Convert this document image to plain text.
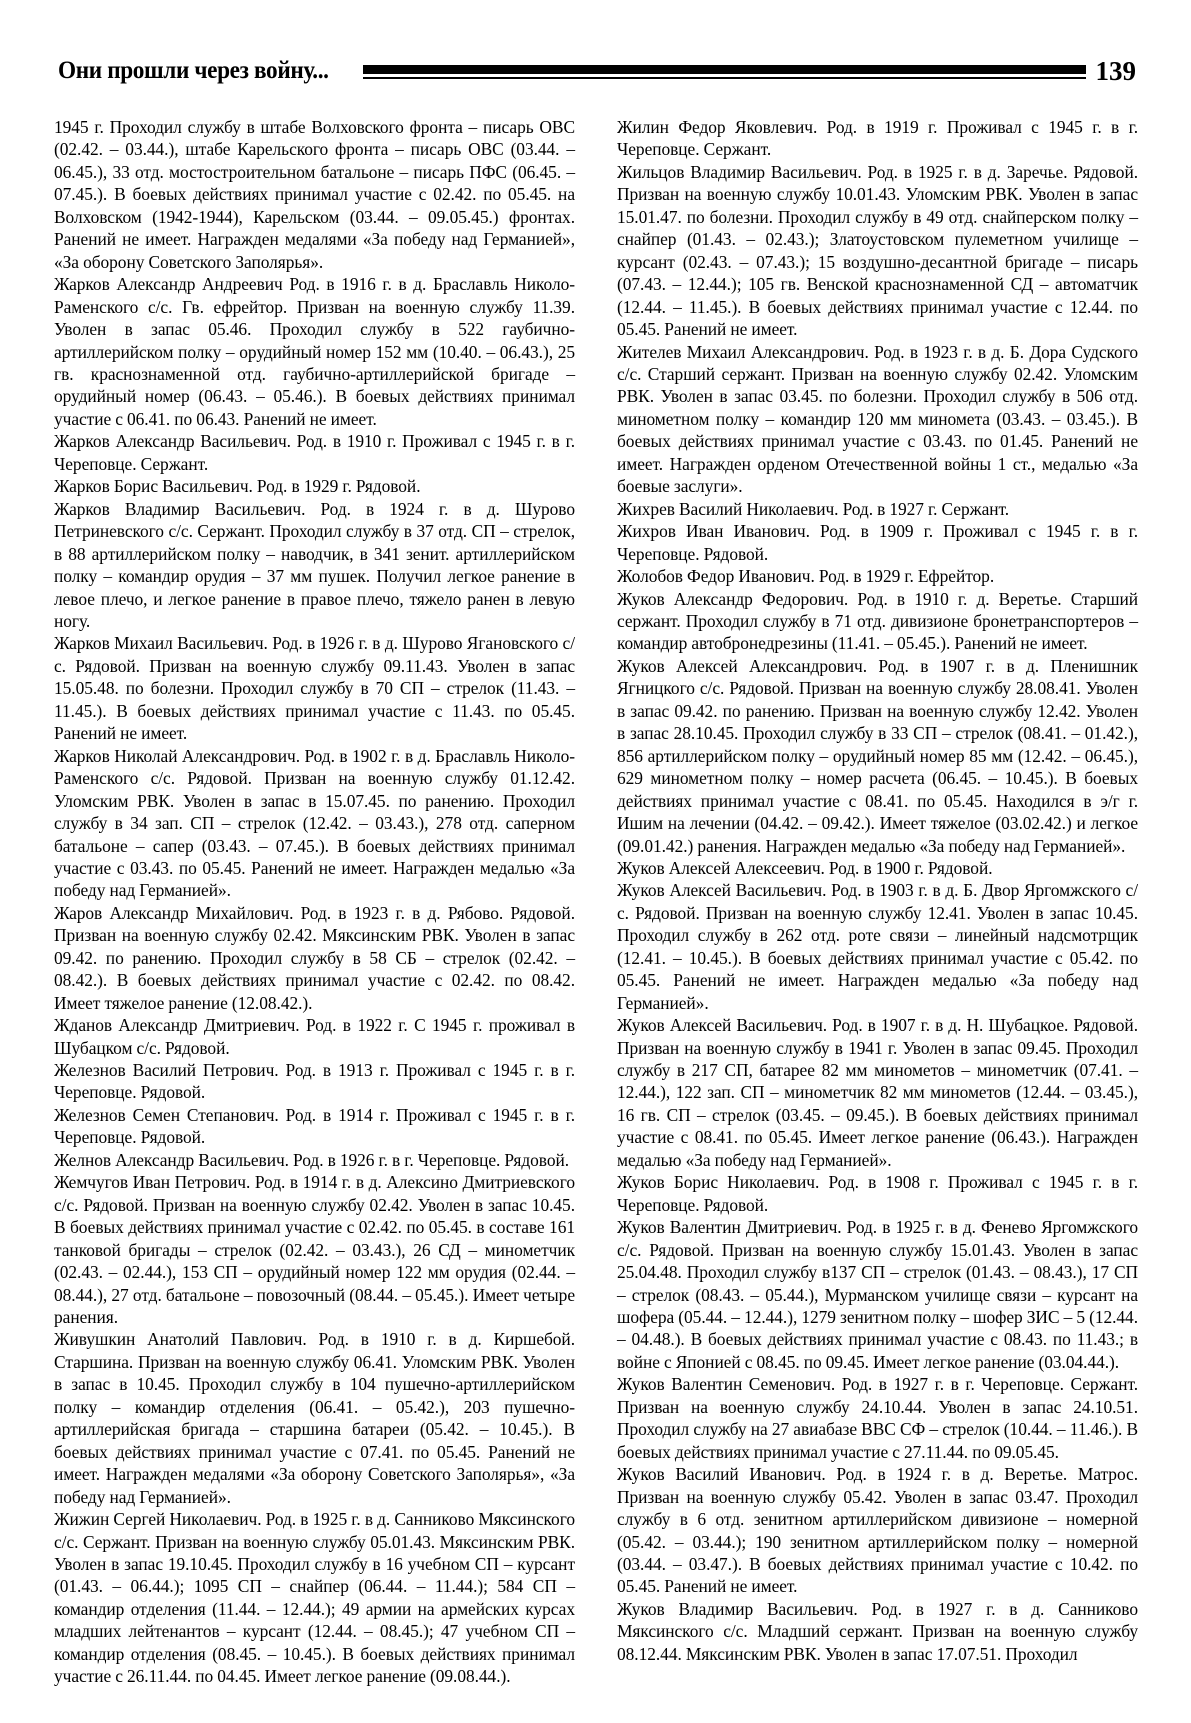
Они прошли через войну...	139

1945 г. Проходил службу в штабе Волховского фронта – писарь ОВС (02.42. – 03.44.), штабе Карельского фронта – писарь ОВС (03.44. – 06.45.), 33 отд. мостостроительном батальоне – писарь ПФС (06.45. – 07.45.). В боевых действиях принимал участие с 02.42. по 05.45. на Волховском (1942-1944), Карельском (03.44. – 09.05.45.) фронтах. Ранений не имеет. Награжден медалями «За победу над Германией», «За оборону Советского Заполярья».

Жарков Александр Андреевич Род. в 1916 г. в д. Браславль Николо-Раменского с/с. Гв. ефрейтор. Призван на военную службу 11.39. Уволен в запас 05.46. Проходил службу в 522 гаубично-артиллерийском полку – орудийный номер 152 мм (10.40. – 06.43.), 25 гв. краснознаменной отд. гаубично-артиллерийской бригаде – орудийный номер (06.43. – 05.46.). В боевых действиях принимал участие с 06.41. по 06.43. Ранений не имеет.

Жарков Александр Васильевич. Род. в 1910 г. Проживал с 1945 г. в г. Череповце. Сержант.

Жарков Борис Васильевич. Род. в 1929 г. Рядовой.

Жарков Владимир Васильевич. Род. в 1924 г. в д. Шурово Петриневского с/с. Сержант. Проходил службу в 37 отд. СП – стрелок, в 88 артиллерийском полку – наводчик, в 341 зенит. артиллерийском полку – командир орудия – 37 мм пушек. Получил легкое ранение в левое плечо, и легкое ранение в правое плечо, тяжело ранен в левую ногу.

Жарков Михаил Васильевич. Род. в 1926 г. в д. Шурово Ягановского с/с. Рядовой. Призван на военную службу 09.11.43. Уволен в запас 15.05.48. по болезни. Проходил службу в 70 СП – стрелок (11.43. – 11.45.). В боевых действиях принимал участие с 11.43. по 05.45. Ранений не имеет.

Жарков Николай Александрович. Род. в 1902 г. в д. Браславль Николо-Раменского с/с. Рядовой. Призван на военную службу 01.12.42. Уломским РВК. Уволен в запас в 15.07.45. по ранению. Проходил службу в 34 зап. СП – стрелок (12.42. – 03.43.), 278 отд. саперном батальоне – сапер (03.43. – 07.45.). В боевых действиях принимал участие с 03.43. по 05.45. Ранений не имеет. Награжден медалью «За победу над Германией».

Жаров Александр Михайлович. Род. в 1923 г. в д. Рябово. Рядовой. Призван на военную службу 02.42. Мяксинским РВК. Уволен в запас 09.42. по ранению. Проходил службу в 58 СБ – стрелок (02.42. – 08.42.). В боевых действиях принимал участие с 02.42. по 08.42. Имеет тяжелое ранение (12.08.42.).

Жданов Александр Дмитриевич. Род. в 1922 г. С 1945 г. проживал в Шубацком с/с. Рядовой.

Железнов Василий Петрович. Род. в 1913 г. Проживал с 1945 г. в г. Череповце. Рядовой.

Железнов Семен Степанович. Род. в 1914 г. Проживал с 1945 г. в г. Череповце. Рядовой.

Желнов Александр Васильевич. Род. в 1926 г. в г. Череповце. Рядовой.

Жемчугов Иван Петрович. Род. в 1914 г. в д. Алексино Дмитриевского с/с. Рядовой. Призван на военную службу 02.42. Уволен в запас 10.45. В боевых действиях принимал участие с 02.42. по 05.45. в составе 161 танковой бригады – стрелок (02.42. – 03.43.), 26 СД – минометчик (02.43. – 02.44.), 153 СП – орудийный номер 122 мм орудия (02.44. – 08.44.), 27 отд. батальоне – повозочный (08.44. – 05.45.). Имеет четыре ранения.

Живушкин Анатолий Павлович. Род. в 1910 г. в д. Киршебой. Старшина. Призван на военную службу 06.41. Уломским РВК. Уволен в запас в 10.45. Проходил службу в 104 пушечно-артиллерийском полку – командир отделения (06.41. – 05.42.), 203 пушечно-артиллерийская бригада – старшина батареи (05.42. – 10.45.). В боевых действиях принимал участие с 07.41. по 05.45. Ранений не имеет. Награжден медалями «За оборону Советского Заполярья», «За победу над Германией».

Жижин Сергей Николаевич. Род. в 1925 г. в д. Санниково Мяксинского с/с. Сержант. Призван на военную службу 05.01.43. Мяксинским РВК. Уволен в запас 19.10.45. Проходил службу в 16 учебном СП – курсант (01.43. – 06.44.); 1095 СП – снайпер (06.44. – 11.44.); 584 СП – командир отделения (11.44. – 12.44.); 49 армии на армейских курсах младших лейтенантов – курсант (12.44. – 08.45.); 47 учебном СП – командир отделения (08.45. – 10.45.). В боевых действиях принимал участие с 26.11.44. по 04.45. Имеет легкое ранение (09.08.44.).

Жилин Федор Яковлевич. Род. в 1919 г. Проживал с 1945 г. в г. Череповце. Сержант.

Жильцов Владимир Васильевич. Род. в 1925 г. в д. Заречье. Рядовой. Призван на военную службу 10.01.43. Уломским РВК. Уволен в запас 15.01.47. по болезни. Проходил службу в 49 отд. снайперском полку – снайпер (01.43. – 02.43.); Златоустовском пулеметном училище – курсант (02.43. – 07.43.); 15 воздушно-десантной бригаде – писарь (07.43. – 12.44.); 105 гв. Венской краснознаменной СД – автоматчик (12.44. – 11.45.). В боевых действиях принимал участие с 12.44. по 05.45. Ранений не имеет.

Жителев Михаил Александрович. Род. в 1923 г. в д. Б. Дора Судского с/с. Старший сержант. Призван на военную службу 02.42. Уломским РВК. Уволен в запас 03.45. по болезни. Проходил службу в 506 отд. минометном полку – командир 120 мм миномета (03.43. – 03.45.). В боевых действиях принимал участие с 03.43. по 01.45. Ранений не имеет. Награжден орденом Отечественной войны 1 ст., медалью «За боевые заслуги».

Жихрев Василий Николаевич. Род. в 1927 г. Сержант.

Жихров Иван Иванович. Род. в 1909 г. Проживал с 1945 г. в г. Череповце. Рядовой.

Жолобов Федор Иванович. Род. в 1929 г. Ефрейтор.

Жуков Александр Федорович. Род. в 1910 г. д. Веретье. Старший сержант. Проходил службу в 71 отд. дивизионе бронетранспортеров – командир автобронедрезины (11.41. – 05.45.). Ранений не имеет.

Жуков Алексей Александрович. Род. в 1907 г. в д. Пленишник Ягницкого с/с. Рядовой. Призван на военную службу 28.08.41. Уволен в запас 09.42. по ранению. Призван на военную службу 12.42. Уволен в запас 28.10.45. Проходил службу в 33 СП – стрелок (08.41. – 01.42.), 856 артиллерийском полку – орудийный номер 85 мм (12.42. – 06.45.), 629 минометном полку – номер расчета (06.45. – 10.45.). В боевых действиях принимал участие с 08.41. по 05.45. Находился в э/г г. Ишим на лечении (04.42. – 09.42.). Имеет тяжелое (03.02.42.) и легкое (09.01.42.) ранения. Награжден медалью «За победу над Германией».

Жуков Алексей Алексеевич. Род. в 1900 г. Рядовой.

Жуков Алексей Васильевич. Род. в 1903 г. в д. Б. Двор Яргомжского с/с. Рядовой. Призван на военную службу 12.41. Уволен в запас 10.45. Проходил службу в 262 отд. роте связи – линейный надсмотрщик (12.41. – 10.45.). В боевых действиях принимал участие с 05.42. по 05.45. Ранений не имеет. Награжден медалью «За победу над Германией».

Жуков Алексей Васильевич. Род. в 1907 г. в д. Н. Шубацкое. Рядовой. Призван на военную службу в 1941 г. Уволен в запас 09.45. Проходил службу в 217 СП, батарее 82 мм минометов – минометчик (07.41. – 12.44.), 122 зап. СП – минометчик 82 мм минометов (12.44. – 03.45.), 16 гв. СП – стрелок (03.45. – 09.45.). В боевых действиях принимал участие с 08.41. по 05.45. Имеет легкое ранение (06.43.). Награжден медалью «За победу над Германией».

Жуков Борис Николаевич. Род. в 1908 г. Проживал с 1945 г. в г. Череповце. Рядовой.

Жуков Валентин Дмитриевич. Род. в 1925 г. в д. Фенево Яргомжского с/с. Рядовой. Призван на военную службу 15.01.43. Уволен в запас 25.04.48. Проходил службу в137 СП – стрелок (01.43. – 08.43.), 17 СП – стрелок (08.43. – 05.44.), Мурманском училище связи – курсант на шофера (05.44. – 12.44.), 1279 зенитном полку – шофер ЗИС – 5 (12.44. – 04.48.). В боевых действиях принимал участие с 08.43. по 11.43.; в войне с Японией с 08.45. по 09.45. Имеет легкое ранение (03.04.44.).

Жуков Валентин Семенович. Род. в 1927 г. в г. Череповце. Сержант. Призван на военную службу 24.10.44. Уволен в запас 24.10.51. Проходил службу на 27 авиабазе ВВС СФ – стрелок (10.44. – 11.46.). В боевых действиях принимал участие с 27.11.44. по 09.05.45.

Жуков Василий Иванович. Род. в 1924 г. в д. Веретье. Матрос. Призван на военную службу 05.42. Уволен в запас 03.47. Проходил службу в 6 отд. зенитном артиллерийском дивизионе – номерной (05.42. – 03.44.); 190 зенитном артиллерийском полку – номерной (03.44. – 03.47.). В боевых действиях принимал участие с 10.42. по 05.45. Ранений не имеет.

Жуков Владимир Васильевич. Род. в 1927 г. в д. Санниково Мяксинского с/с. Младший сержант. Призван на военную службу 08.12.44. Мяксинским РВК. Уволен в запас 17.07.51. Проходил
